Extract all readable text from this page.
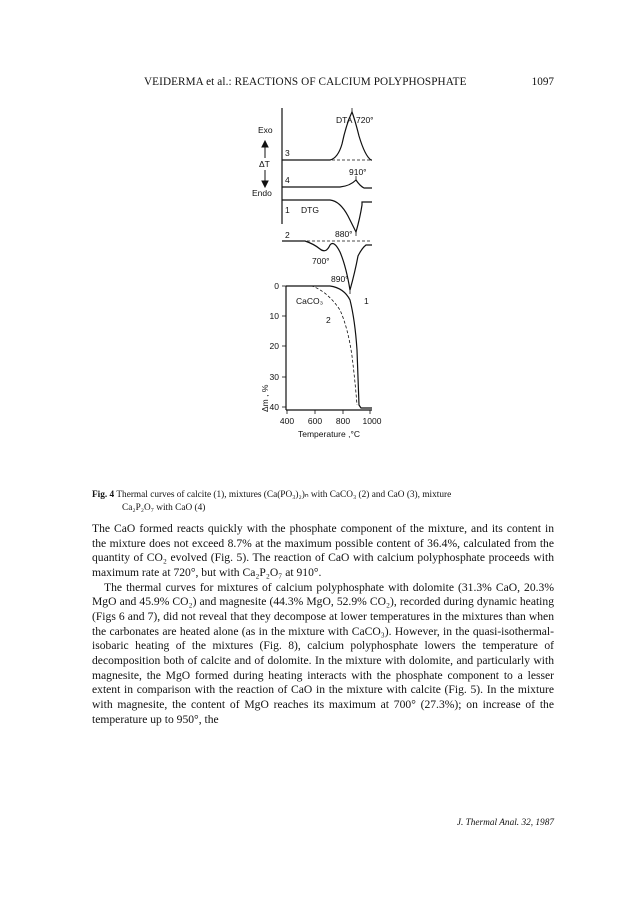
VEIDERMA et al.: REACTIONS OF CALCIUM POLYPHOSPHATE	1097
Exo
ΔT
Endo
DTA 720°
3
4
910°
1 DTG
2	880°
700°
890°
CaCO₃	1
2
0
10
20
30
40
400 600 800 1000
Temperature ,°C
Δm , %
Fig. 4 Thermal curves of calcite (1), mixtures (Ca(PO₃)₂)ₙ with CaCO₃ (2) and CaO (3), mixture
Ca₂P₂O₇ with CaO (4)

The CaO formed reacts quickly with the phosphate component of the mixture, and its content in the mixture does not exceed 8.7% at the maximum possible content of 36.4%, calculated from the quantity of CO₂ evolved (Fig. 5). The reaction of CaO with calcium polyphosphate proceeds with maximum rate at 720°, but with Ca₂P₂O₇ at 910°.

The thermal curves for mixtures of calcium polyphosphate with dolomite (31.3% CaO, 20.3% MgO and 45.9% CO₂) and magnesite (44.3% MgO, 52.9% CO₂), recorded during dynamic heating (Figs 6 and 7), did not reveal that they decompose at lower temperatures in the mixtures than when the carbonates are heated alone (as in the mixture with CaCO₃). However, in the quasi-isothermal-isobaric heating of the mixtures (Fig. 8), calcium polyphosphate lowers the temperature of decomposition both of calcite and of dolomite. In the mixture with dolomite, and particularly with magnesite, the MgO formed during heating interacts with the phosphate component to a lesser extent in comparison with the reaction of CaO in the mixture with calcite (Fig. 5). In the mixture with magnesite, the content of MgO reaches its maximum at 700° (27.3%); on increase of the temperature up to 950°, the

J. Thermal Anal. 32, 1987
